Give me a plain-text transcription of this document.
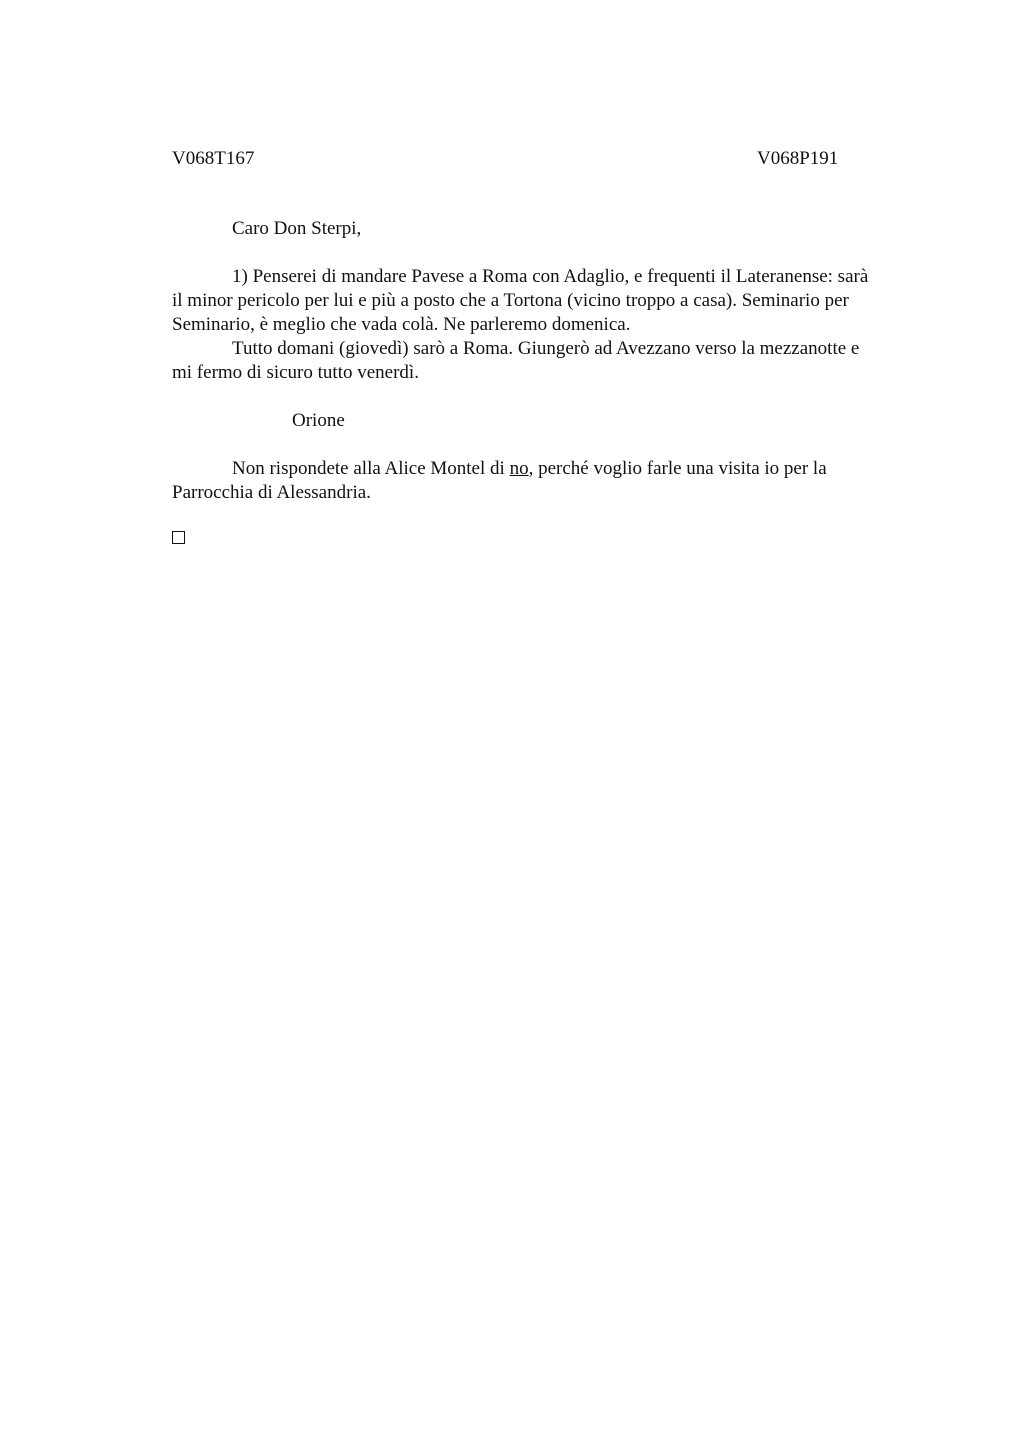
V068T167	V068P191

Caro Don Sterpi,

1) Penserei di mandare Pavese a Roma con Adaglio, e frequenti il Lateranense: sarà
il minor pericolo per lui e più a posto che a Tortona (vicino troppo a casa). Seminario per
Seminario, è meglio che vada colà. Ne parleremo domenica.

Tutto domani (giovedì) sarò a Roma. Giungerò ad Avezzano verso la mezzanotte e
mi fermo di sicuro tutto venerdì.

Orione

Non rispondete alla Alice Montel di no, perché voglio farle una visita io per la
Parrocchia di Alessandria.
